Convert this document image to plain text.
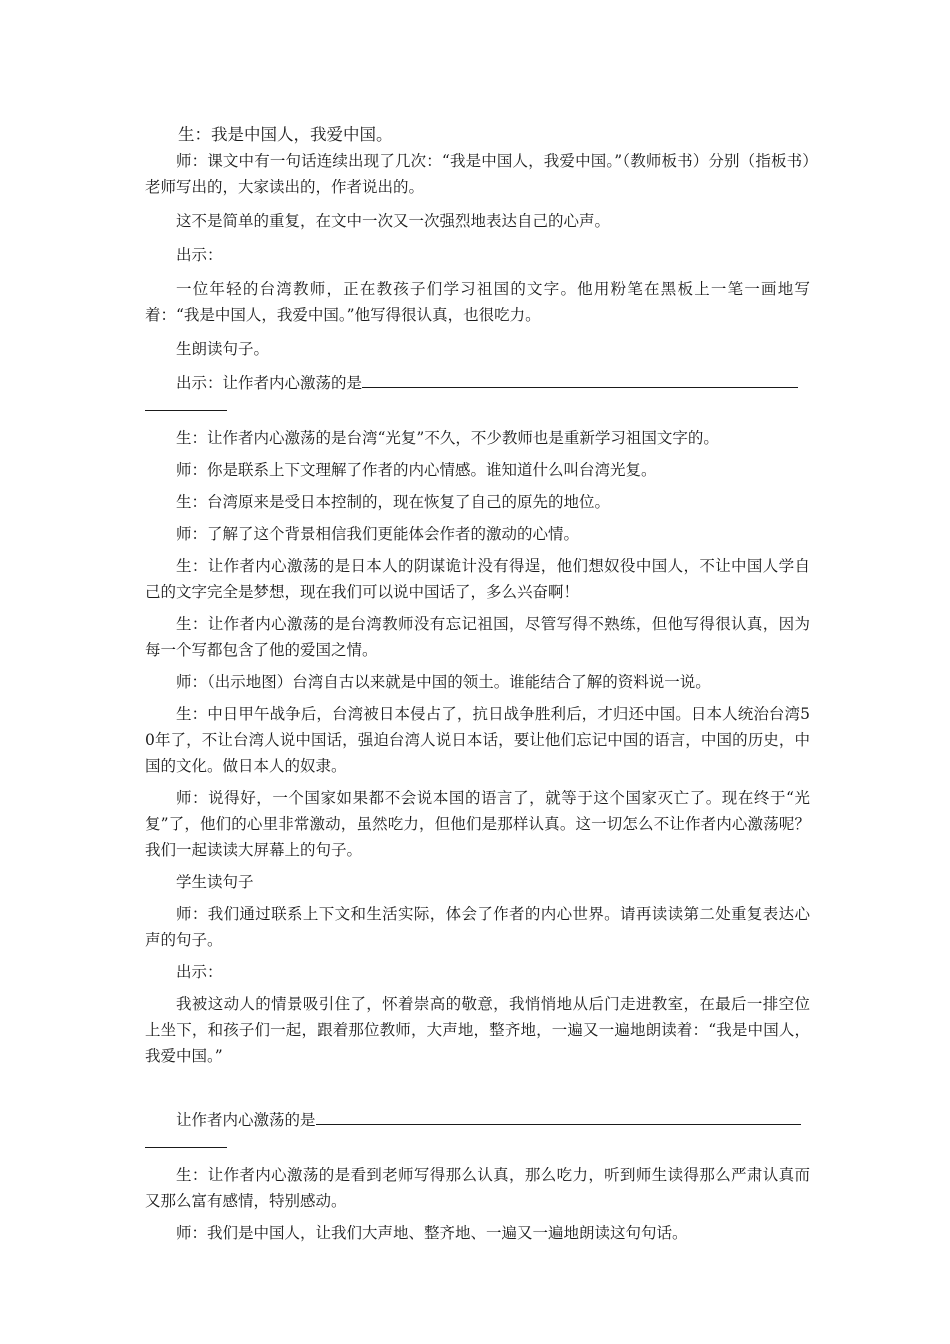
生：我是中国人，我爱中国。

师：课文中有一句话连续出现了几次：“我是中国人，我爱中国。”（教师板书）分别（指板书）老师写出的，大家读出的，作者说出的。

这不是简单的重复，在文中一次又一次强烈地表达自己的心声。

出示：

一位年轻的台湾教师，正在教孩子们学习祖国的文字。他用粉笔在黑板上一笔一画地写着：“我是中国人，我爱中国。”他写得很认真，也很吃力。

生朗读句子。

出示：让作者内心激荡的是

生：让作者内心激荡的是台湾“光复”不久，不少教师也是重新学习祖国文字的。

师：你是联系上下文理解了作者的内心情感。谁知道什么叫台湾光复。

生：台湾原来是受日本控制的，现在恢复了自己的原先的地位。

师：了解了这个背景相信我们更能体会作者的激动的心情。

生：让作者内心激荡的是日本人的阴谋诡计没有得逞，他们想奴役中国人，不让中国人学自己的文字完全是梦想，现在我们可以说中国话了，多么兴奋啊！

生：让作者内心激荡的是台湾教师没有忘记祖国，尽管写得不熟练，但他写得很认真，因为每一个写都包含了他的爱国之情。

师：（出示地图）台湾自古以来就是中国的领土。谁能结合了解的资料说一说。

生：中日甲午战争后，台湾被日本侵占了，抗日战争胜利后，才归还中国。日本人统治台湾50年了，不让台湾人说中国话，强迫台湾人说日本话，要让他们忘记中国的语言，中国的历史，中国的文化。做日本人的奴隶。

师：说得好，一个国家如果都不会说本国的语言了，就等于这个国家灭亡了。现在终于“光复”了，他们的心里非常激动，虽然吃力，但他们是那样认真。这一切怎么不让作者内心激荡呢？我们一起读读大屏幕上的句子。

学生读句子

师：我们通过联系上下文和生活实际，体会了作者的内心世界。请再读读第二处重复表达心声的句子。

出示：

我被这动人的情景吸引住了，怀着崇高的敬意，我悄悄地从后门走进教室，在最后一排空位上坐下，和孩子们一起，跟着那位教师，大声地，整齐地，一遍又一遍地朗读着：“我是中国人，我爱中国。”

让作者内心激荡的是

生：让作者内心激荡的是看到老师写得那么认真，那么吃力，听到师生读得那么严肃认真而又那么富有感情，特别感动。

师：我们是中国人，让我们大声地、整齐地、一遍又一遍地朗读这句句话。
